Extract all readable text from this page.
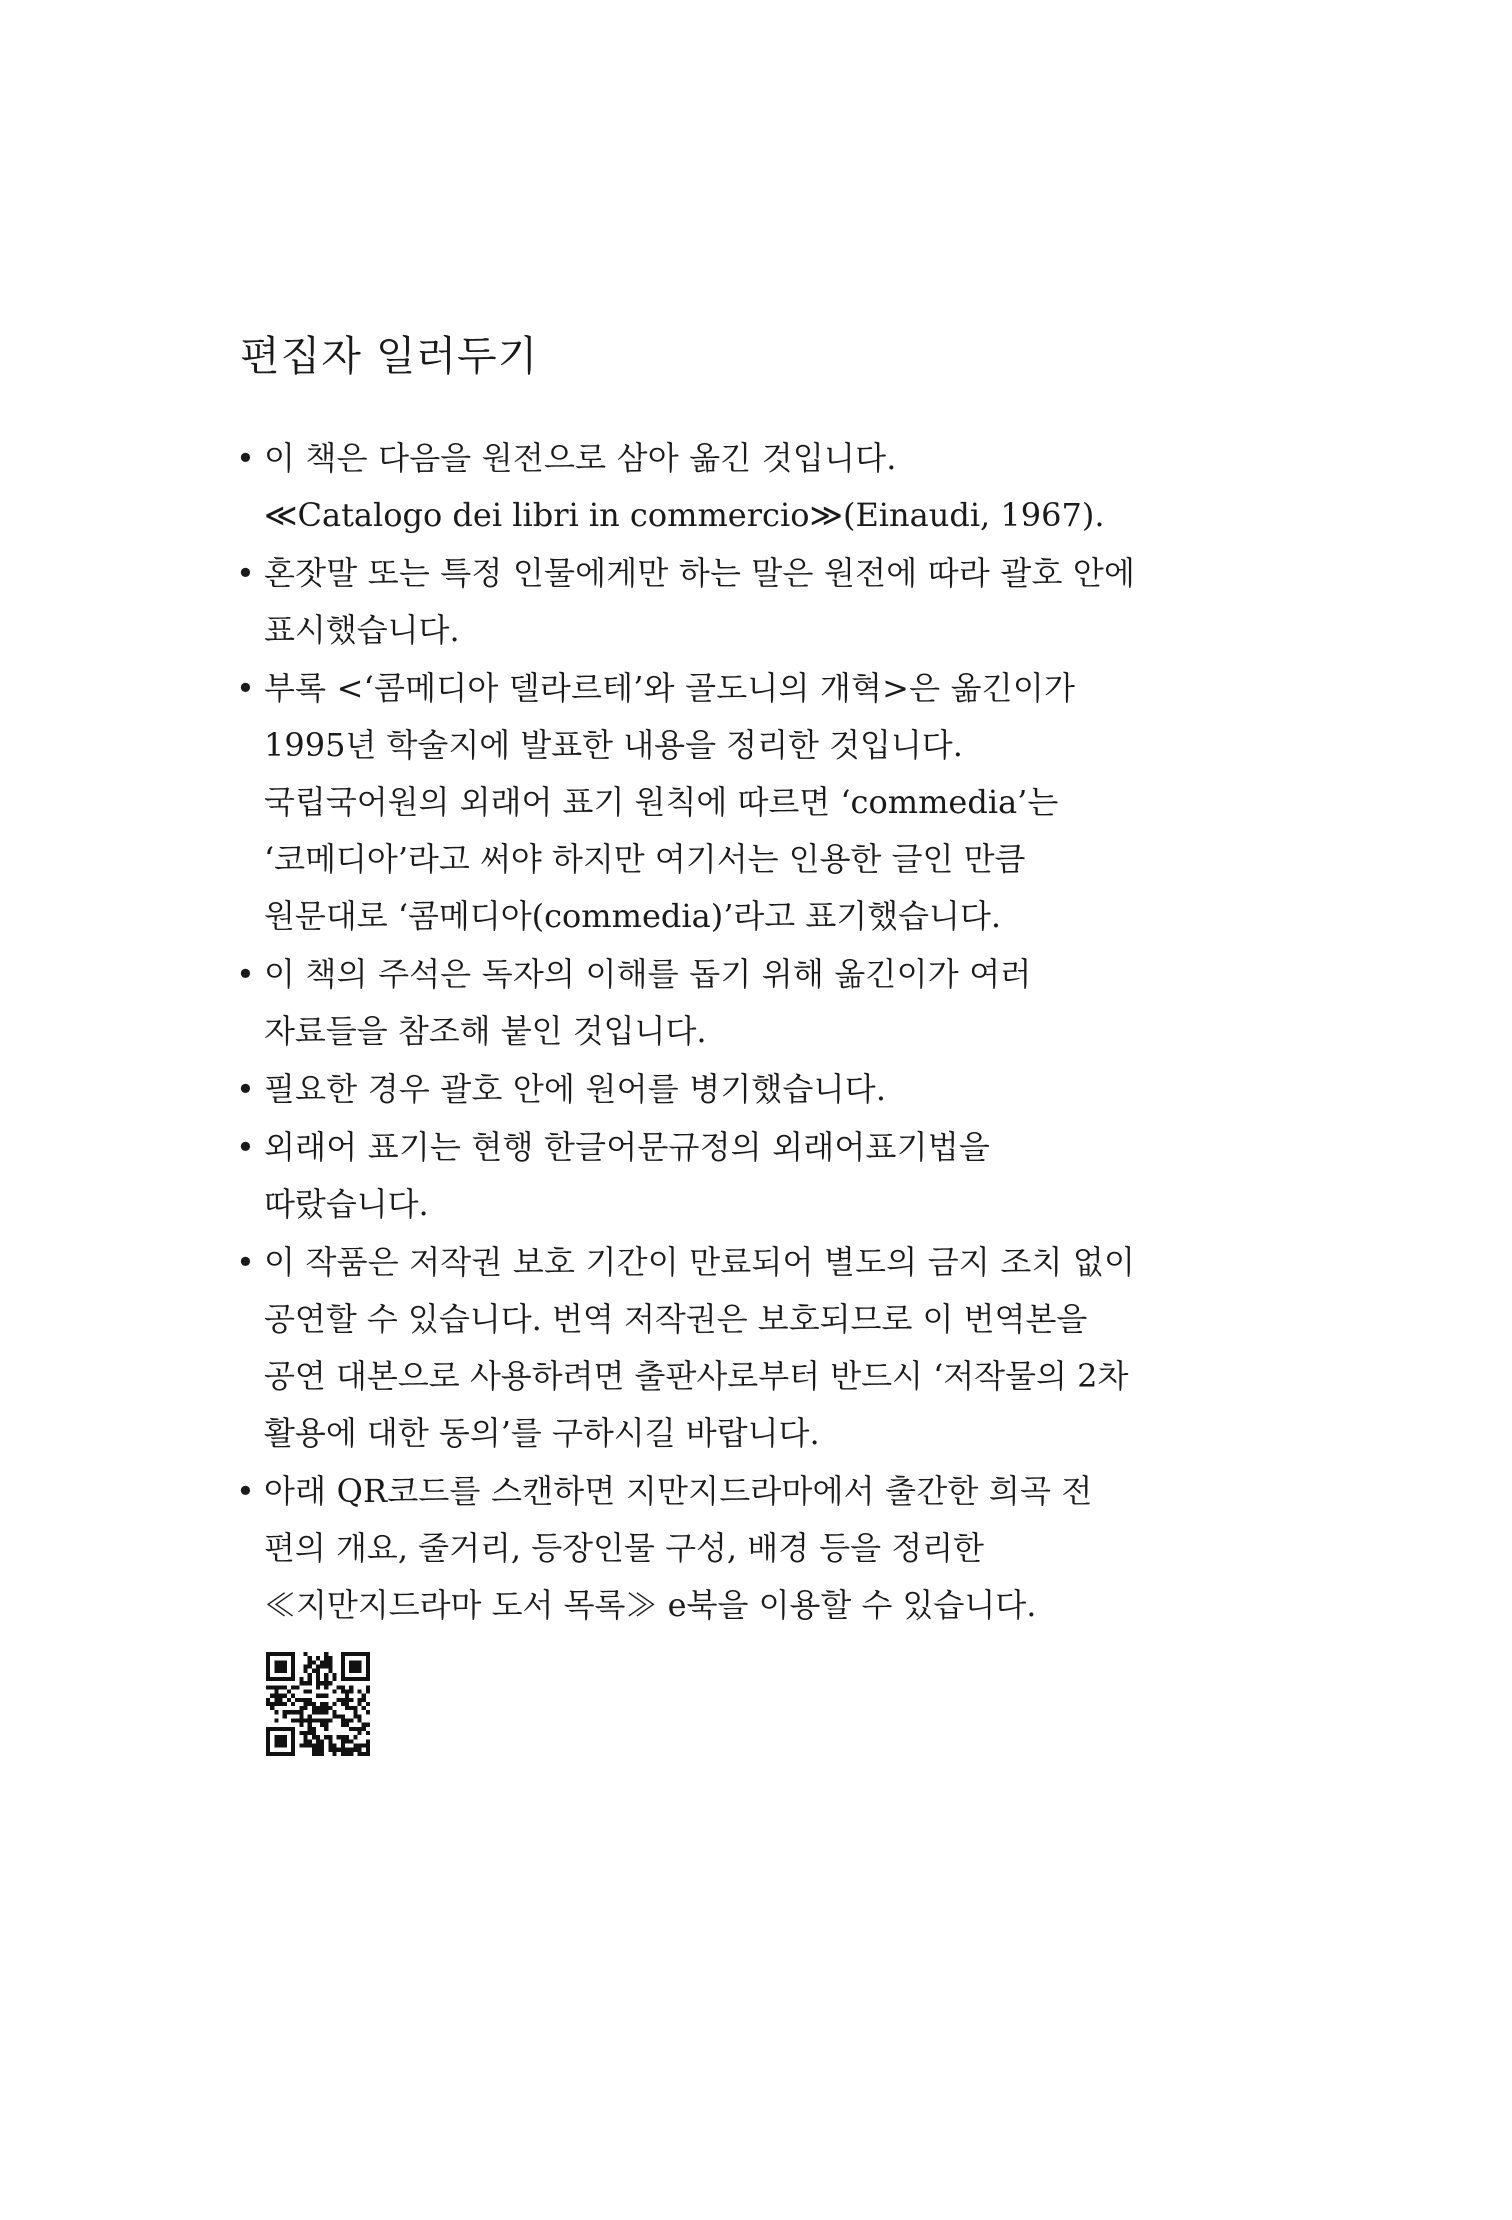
편집자 일러두기
• 이 책은 다음을 원전으로 삼아 옮긴 것입니다.
≪Catalogo dei libri in commercio≫(Einaudi, 1967).
• 혼잣말 또는 특정 인물에게만 하는 말은 원전에 따라 괄호 안에
표시했습니다.
• 부록 <‘콤메디아 델라르테’와 골도니의 개혁>은 옮긴이가
1995년 학술지에 발표한 내용을 정리한 것입니다.
국립국어원의 외래어 표기 원칙에 따르면 ‘commedia’는
‘코메디아’라고 써야 하지만 여기서는 인용한 글인 만큼
원문대로 ‘콤메디아(commedia)’라고 표기했습니다.
• 이 책의 주석은 독자의 이해를 돕기 위해 옮긴이가 여러
자료들을 참조해 붙인 것입니다.
• 필요한 경우 괄호 안에 원어를 병기했습니다.
• 외래어 표기는 현행 한글어문규정의 외래어표기법을
따랐습니다.
• 이 작품은 저작권 보호 기간이 만료되어 별도의 금지 조치 없이
공연할 수 있습니다. 번역 저작권은 보호되므로 이 번역본을
공연 대본으로 사용하려면 출판사로부터 반드시 ‘저작물의 2차
활용에 대한 동의’를 구하시길 바랍니다.
• 아래 QR코드를 스캔하면 지만지드라마에서 출간한 희곡 전
편의 개요, 줄거리, 등장인물 구성, 배경 등을 정리한
≪지만지드라마 도서 목록≫ e북을 이용할 수 있습니다.
